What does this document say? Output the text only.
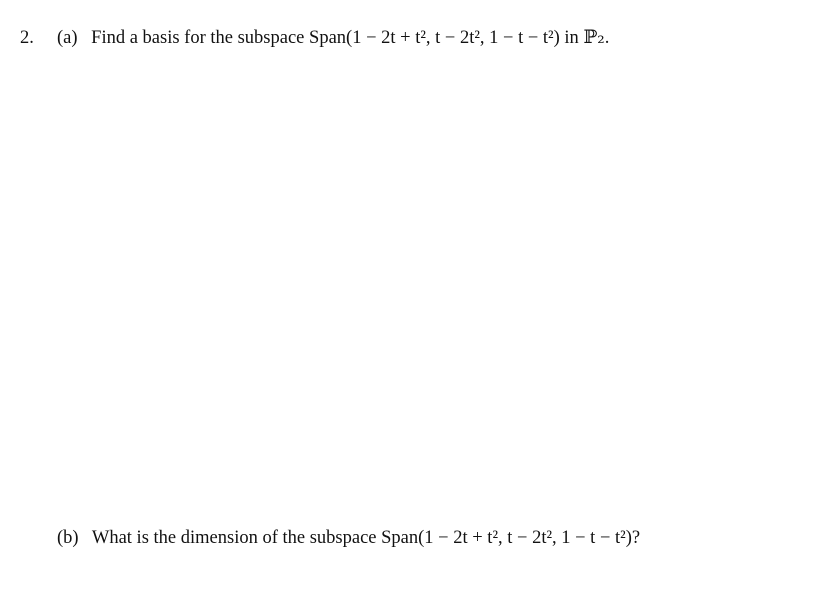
2. (a) Find a basis for the subspace Span(1 − 2t + t², t − 2t², 1 − t − t²) in ℙ₂.
(b) What is the dimension of the subspace Span(1 − 2t + t², t − 2t², 1 − t − t²)?
